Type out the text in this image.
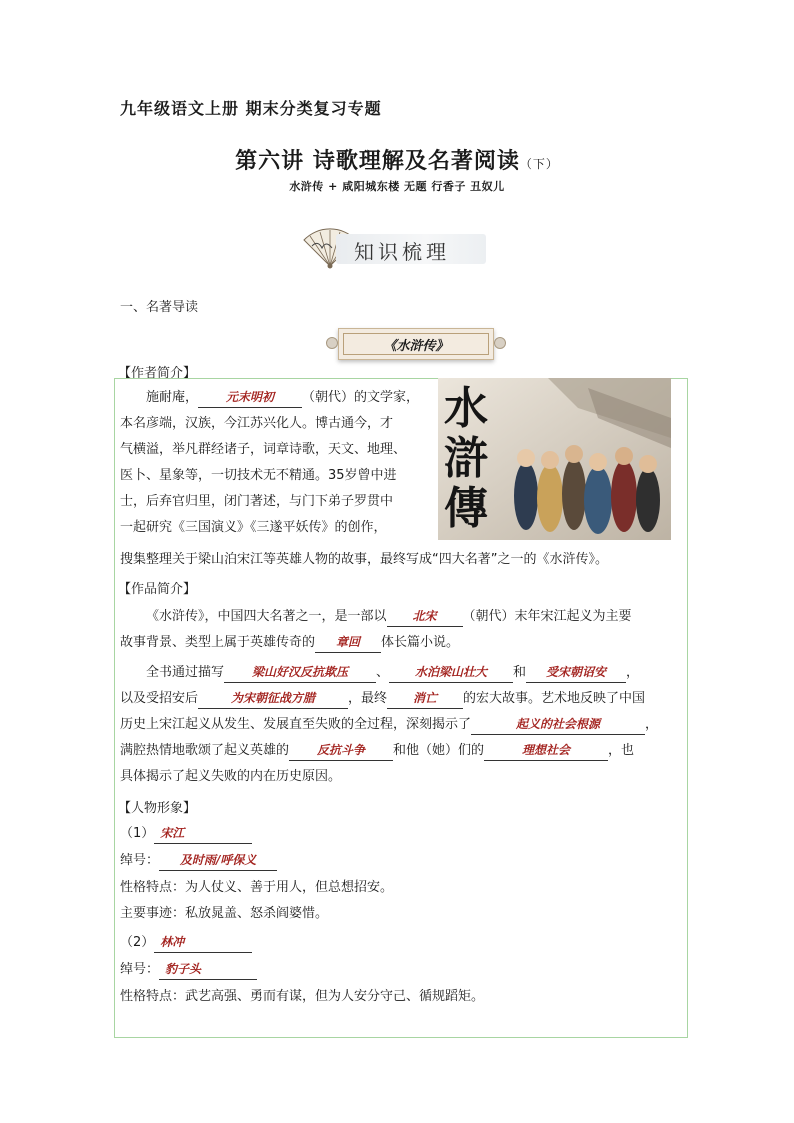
九年级语文上册 期末分类复习专题
第六讲 诗歌理解及名著阅读（下）
水浒传 + 咸阳城东楼 无题 行香子 丑奴儿
知识梳理
一、名著导读
《水浒传》
【作者简介】
水
滸
傳
施耐庵， 元末明初 （朝代）的文学家，
本名彦端，汉族，今江苏兴化人。博古通今，才
气横溢，举凡群经诸子，词章诗歌，天文、地理、
医卜、星象等，一切技术无不精通。35岁曾中进
士，后弃官归里，闭门著述，与门下弟子罗贯中
一起研究《三国演义》《三遂平妖传》的创作，
搜集整理关于梁山泊宋江等英雄人物的故事，最终写成“四大名著”之一的《水浒传》。
【作品简介】
《水浒传》，中国四大名著之一，是一部以 北宋 （朝代）末年宋江起义为主要
故事背景、类型上属于英雄传奇的 章回 体长篇小说。
全书通过描写 梁山好汉反抗欺压 、 水泊梁山壮大 和 受宋朝诏安 ，
以及受招安后	为宋朝征战方腊	，最终 消亡 的宏大故事。艺术地反映了中国
历史上宋江起义从发生、发展直至失败的全过程，深刻揭示了	起义的社会根源	，
满腔热情地歌颂了起义英雄的 反抗斗争 和他（她）们的	理想社会	，也
具体揭示了起义失败的内在历史原因。
【人物形象】
（1） 宋江
绰号： 及时雨/呼保义
性格特点：为人仗义、善于用人，但总想招安。
主要事迹：私放晁盖、怒杀阎婆惜。
（2） 林冲
绰号： 豹子头
性格特点：武艺高强、勇而有谋，但为人安分守己、循规蹈矩。
